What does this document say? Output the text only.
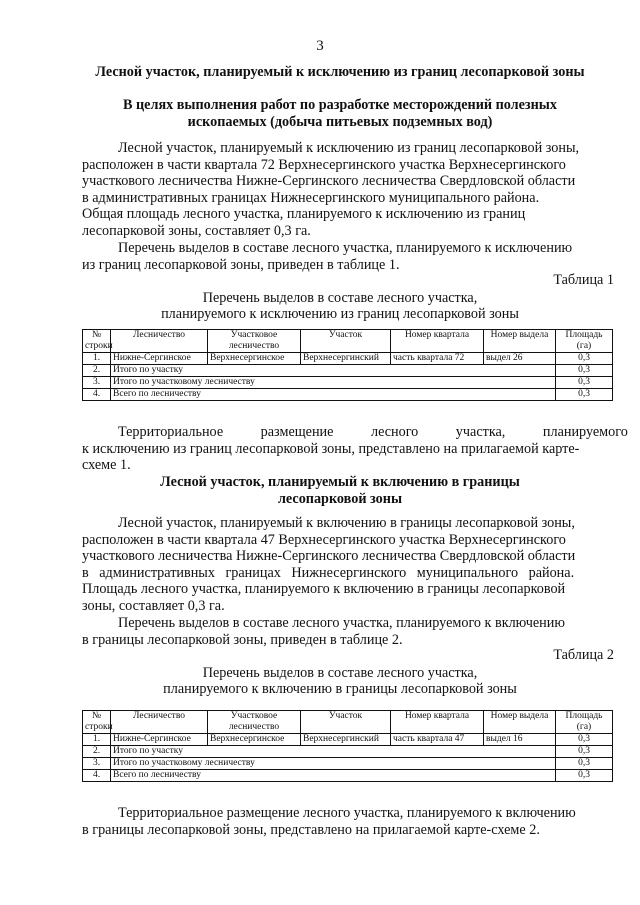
3
Лесной участок, планируемый к исключению из границ лесопарковой зоны
В целях выполнения работ по разработке месторождений полезных
ископаемых (добыча питьевых подземных вод)
Лесной участок, планируемый к исключению из границ лесопарковой зоны,
расположен в части квартала 72 Верхнесергинского участка Верхнесергинского
участкового лесничества Нижне-Сергинского лесничества Свердловской области
в административных границах Нижнесергинского муниципального района.
Общая площадь лесного участка, планируемого к исключению из границ
лесопарковой зоны, составляет 0,3 га.
Перечень выделов в составе лесного участка, планируемого к исключению
из границ лесопарковой зоны, приведен в таблице 1.
Таблица 1
Перечень выделов в составе лесного участка,
планируемого к исключению из границ лесопарковой зоны
№ строки	Лесничество	Участковое лесничество	Участок	Номер квартала	Номер выдела	Площадь (га)
1.	Нижне-Сергинское	Верхнесергинское	Верхнесергинский	часть квартала 72	выдел 26	0,3
2.	Итого по участку					0,3
3.	Итого по участковому лесничеству					0,3
4.	Всего по лесничеству					0,3
Территориальное размещение лесного участка, планируемого
к исключению из границ лесопарковой зоны, представлено на прилагаемой карте-
схеме 1.
Лесной участок, планируемый к включению в границы
лесопарковой зоны
Лесной участок, планируемый к включению в границы лесопарковой зоны,
расположен в части квартала 47 Верхнесергинского участка Верхнесергинского
участкового лесничества Нижне-Сергинского лесничества Свердловской области
в административных границах Нижнесергинского муниципального района.
Площадь лесного участка, планируемого к включению в границы лесопарковой
зоны, составляет 0,3 га.
Перечень выделов в составе лесного участка, планируемого к включению
в границы лесопарковой зоны, приведен в таблице 2.
Таблица 2
Перечень выделов в составе лесного участка,
планируемого к включению в границы лесопарковой зоны
№ строки	Лесничество	Участковое лесничество	Участок	Номер квартала	Номер выдела	Площадь (га)
1.	Нижне-Сергинское	Верхнесергинское	Верхнесергинский	часть квартала 47	выдел 16	0,3
2.	Итого по участку					0,3
3.	Итого по участковому лесничеству					0,3
4.	Всего по лесничеству					0,3
Территориальное размещение лесного участка, планируемого к включению
в границы лесопарковой зоны, представлено на прилагаемой карте-схеме 2.
